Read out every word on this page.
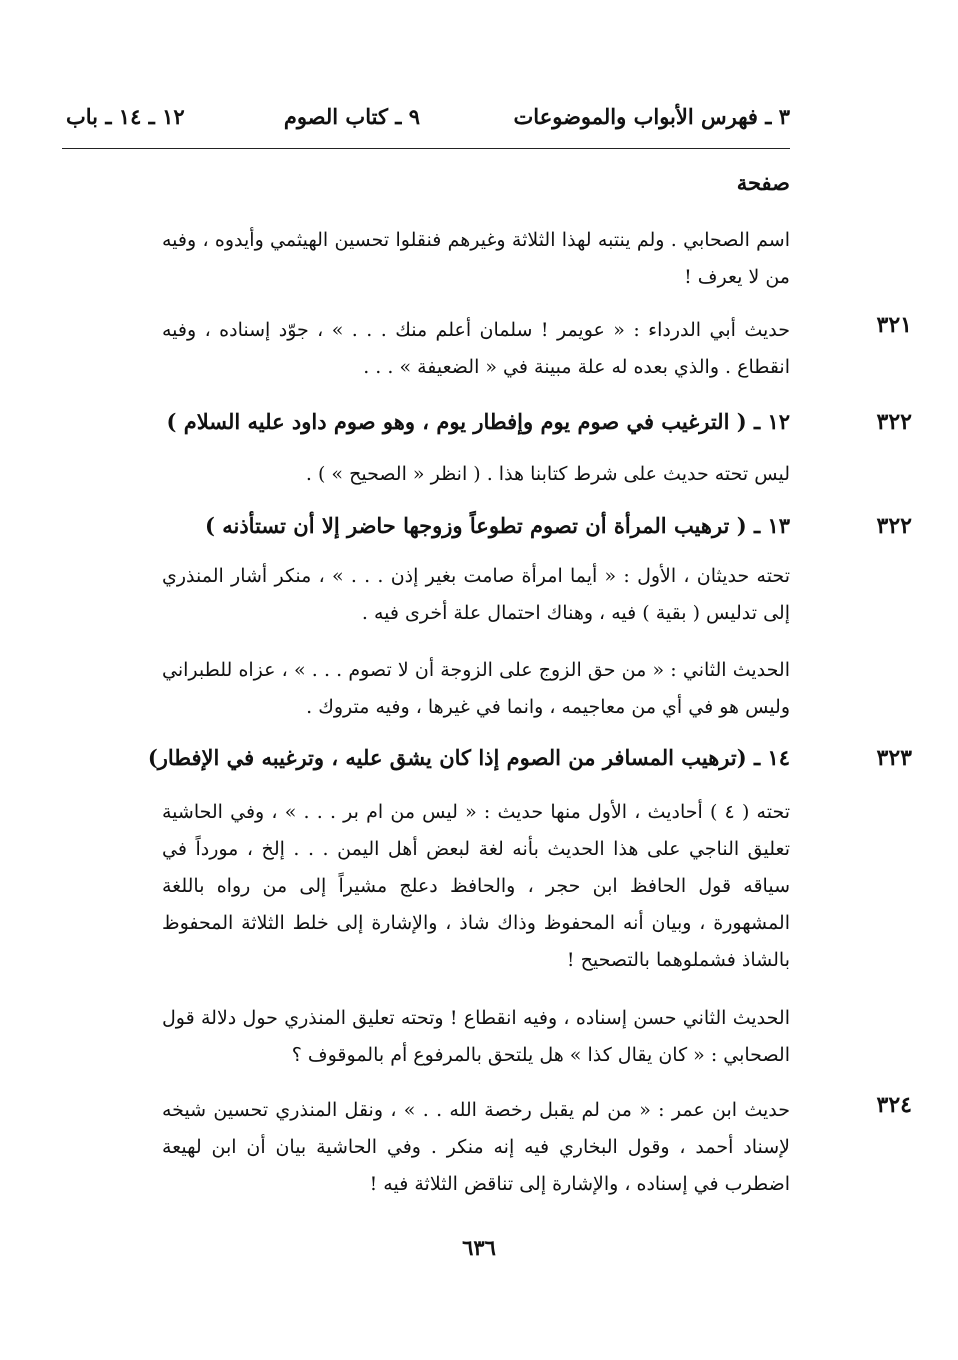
٣ ـ فهرس الأبواب والموضوعات
٩ ـ كتاب الصوم
١٢ ـ ١٤ ـ باب
صفحة
اسم الصحابي . ولم ينتبه لهذا الثلاثة وغيرهم فنقلوا تحسين الهيثمي وأيدوه ، وفيه من لا يعرف !
٣٢١
حديث أبي الدرداء : « عويمر ! سلمان أعلم منك . . . » ، جوّد إسناده ، وفيه انقطاع . والذي بعده له علة مبينة في « الضعيفة » . . .
٣٢٢
١٢ ـ ( الترغيب في صوم يوم وإفطار يوم ، وهو صوم داود عليه السلام )
ليس تحته حديث على شرط كتابنا هذا . ( انظر « الصحيح » ) .
٣٢٢
١٣ ـ ( ترهيب المرأة أن تصوم تطوعاً وزوجها حاضر إلا أن تستأذنه )
تحته حديثان ، الأول : « أيما امرأة صامت بغير إذن . . . » ، منكر أشار المنذري إلى تدليس ( بقية ) فيه ، وهناك احتمال علة أخرى فيه .
الحديث الثاني : « من حق الزوج على الزوجة أن لا تصوم . . . » ، عزاه للطبراني وليس هو في أي من معاجيمه ، وانما في غيرها ، وفيه متروك .
٣٢٣
١٤ ـ (ترهيب المسافر من الصوم إذا كان يشق عليه ، وترغيبه في الإفطار)
تحته ( ٤ ) أحاديث ، الأول منها حديث : « ليس من ام بر . . . » ، وفي الحاشية تعليق الناجي على هذا الحديث بأنه لغة لبعض أهل اليمن . . . إلخ ، مورداً في سياقه قول الحافظ ابن حجر ، والحافظ دعلج مشيراً إلى من رواه باللغة المشهورة ، وبيان أنه المحفوظ وذاك شاذ ، والإشارة إلى خلط الثلاثة المحفوظ بالشاذ فشملوهما بالتصحيح !
الحديث الثاني حسن إسناده ، وفيه انقطاع ! وتحته تعليق المنذري حول دلالة قول الصحابي : « كان يقال كذا » هل يلتحق بالمرفوع أم بالموقوف ؟
٣٢٤
حديث ابن عمر : « من لم يقبل رخصة الله . . » ، ونقل المنذري تحسين شيخه لإسناد أحمد ، وقول البخاري فيه إنه منكر . وفي الحاشية بيان أن ابن لهيعة اضطرب في إسناده ، والإشارة إلى تناقض الثلاثة فيه !
٦٣٦
